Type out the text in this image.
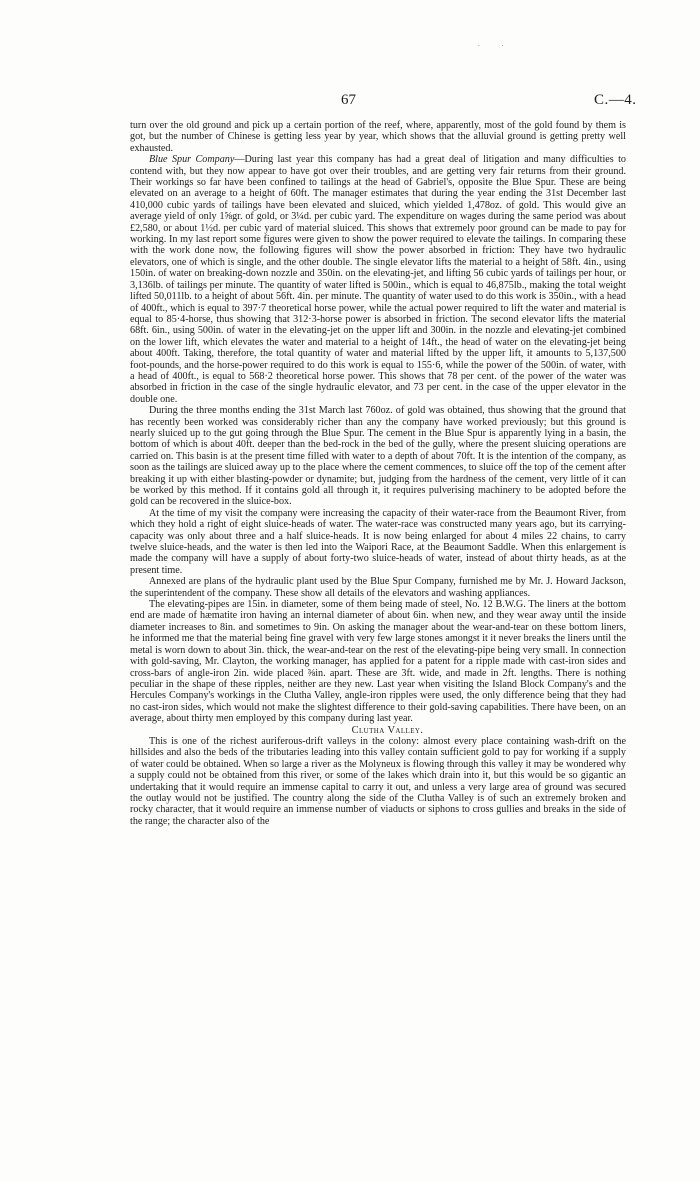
. .
67	C.—4.

turn over the old ground and pick up a certain portion of the reef, where, apparently, most of the gold found by them is got, but the number of Chinese is getting less year by year, which shows that the alluvial ground is getting pretty well exhausted.

Blue Spur Company—During last year this company has had a great deal of litigation and many difficulties to contend with, but they now appear to have got over their troubles, and are getting very fair returns from their ground. Their workings so far have been confined to tailings at the head of Gabriel's, opposite the Blue Spur. These are being elevated on an average to a height of 60ft. The manager estimates that during the year ending the 31st December last 410,000 cubic yards of tailings have been elevated and sluiced, which yielded 1,478oz. of gold. This would give an average yield of only 1⅝gr. of gold, or 3¼d. per cubic yard. The expenditure on wages during the same period was about £2,580, or about 1½d. per cubic yard of material sluiced. This shows that extremely poor ground can be made to pay for working. In my last report some figures were given to show the power required to elevate the tailings. In comparing these with the work done now, the following figures will show the power absorbed in friction: They have two hydraulic elevators, one of which is single, and the other double. The single elevator lifts the material to a height of 58ft. 4in., using 150in. of water on breaking-down nozzle and 350in. on the elevating-jet, and lifting 56 cubic yards of tailings per hour, or 3,136lb. of tailings per minute. The quantity of water lifted is 500in., which is equal to 46,875lb., making the total weight lifted 50,011lb. to a height of about 56ft. 4in. per minute. The quantity of water used to do this work is 350in., with a head of 400ft., which is equal to 397·7 theoretical horse power, while the actual power required to lift the water and material is equal to 85·4-horse, thus showing that 312·3-horse power is absorbed in friction. The second elevator lifts the material 68ft. 6in., using 500in. of water in the elevating-jet on the upper lift and 300in. in the nozzle and elevating-jet combined on the lower lift, which elevates the water and material to a height of 14ft., the head of water on the elevating-jet being about 400ft. Taking, therefore, the total quantity of water and material lifted by the upper lift, it amounts to 5,137,500 foot-pounds, and the horse-power required to do this work is equal to 155·6, while the power of the 500in. of water, with a head of 400ft., is equal to 568·2 theoretical horse power. This shows that 78 per cent. of the power of the water was absorbed in friction in the case of the single hydraulic elevator, and 73 per cent. in the case of the upper elevator in the double one.

During the three months ending the 31st March last 760oz. of gold was obtained, thus showing that the ground that has recently been worked was considerably richer than any the company have worked previously; but this ground is nearly sluiced up to the gut going through the Blue Spur. The cement in the Blue Spur is apparently lying in a basin, the bottom of which is about 40ft. deeper than the bed-rock in the bed of the gully, where the present sluicing operations are carried on. This basin is at the present time filled with water to a depth of about 70ft. It is the intention of the company, as soon as the tailings are sluiced away up to the place where the cement commences, to sluice off the top of the cement after breaking it up with either blasting-powder or dynamite; but, judging from the hardness of the cement, very little of it can be worked by this method. If it contains gold all through it, it requires pulverising machinery to be adopted before the gold can be recovered in the sluice-box.

At the time of my visit the company were increasing the capacity of their water-race from the Beaumont River, from which they hold a right of eight sluice-heads of water. The water-race was constructed many years ago, but its carrying-capacity was only about three and a half sluice-heads. It is now being enlarged for about 4 miles 22 chains, to carry twelve sluice-heads, and the water is then led into the Waipori Race, at the Beaumont Saddle. When this enlargement is made the company will have a supply of about forty-two sluice-heads of water, instead of about thirty heads, as at the present time.

Annexed are plans of the hydraulic plant used by the Blue Spur Company, furnished me by Mr. J. Howard Jackson, the superintendent of the company. These show all details of the elevators and washing appliances.

The elevating-pipes are 15in. in diameter, some of them being made of steel, No. 12 B.W.G. The liners at the bottom end are made of hæmatite iron having an internal diameter of about 6in. when new, and they wear away until the inside diameter increases to 8in. and sometimes to 9in. On asking the manager about the wear-and-tear on these bottom liners, he informed me that the material being fine gravel with very few large stones amongst it it never breaks the liners until the metal is worn down to about 3in. thick, the wear-and-tear on the rest of the elevating-pipe being very small. In connection with gold-saving, Mr. Clayton, the working manager, has applied for a patent for a ripple made with cast-iron sides and cross-bars of angle-iron 2in. wide placed ⅜in. apart. These are 3ft. wide, and made in 2ft. lengths. There is nothing peculiar in the shape of these ripples, neither are they new. Last year when visiting the Island Block Company's and the Hercules Company's workings in the Clutha Valley, angle-iron ripples were used, the only difference being that they had no cast-iron sides, which would not make the slightest difference to their gold-saving capabilities. There have been, on an average, about thirty men employed by this company during last year.

Clutha Valley.

This is one of the richest auriferous-drift valleys in the colony: almost every place containing wash-drift on the hillsides and also the beds of the tributaries leading into this valley contain sufficient gold to pay for working if a supply of water could be obtained. When so large a river as the Molyneux is flowing through this valley it may be wondered why a supply could not be obtained from this river, or some of the lakes which drain into it, but this would be so gigantic an undertaking that it would require an immense capital to carry it out, and unless a very large area of ground was secured the outlay would not be justified. The country along the side of the Clutha Valley is of such an extremely broken and rocky character, that it would require an immense number of viaducts or siphons to cross gullies and breaks in the side of the range; the character also of the
